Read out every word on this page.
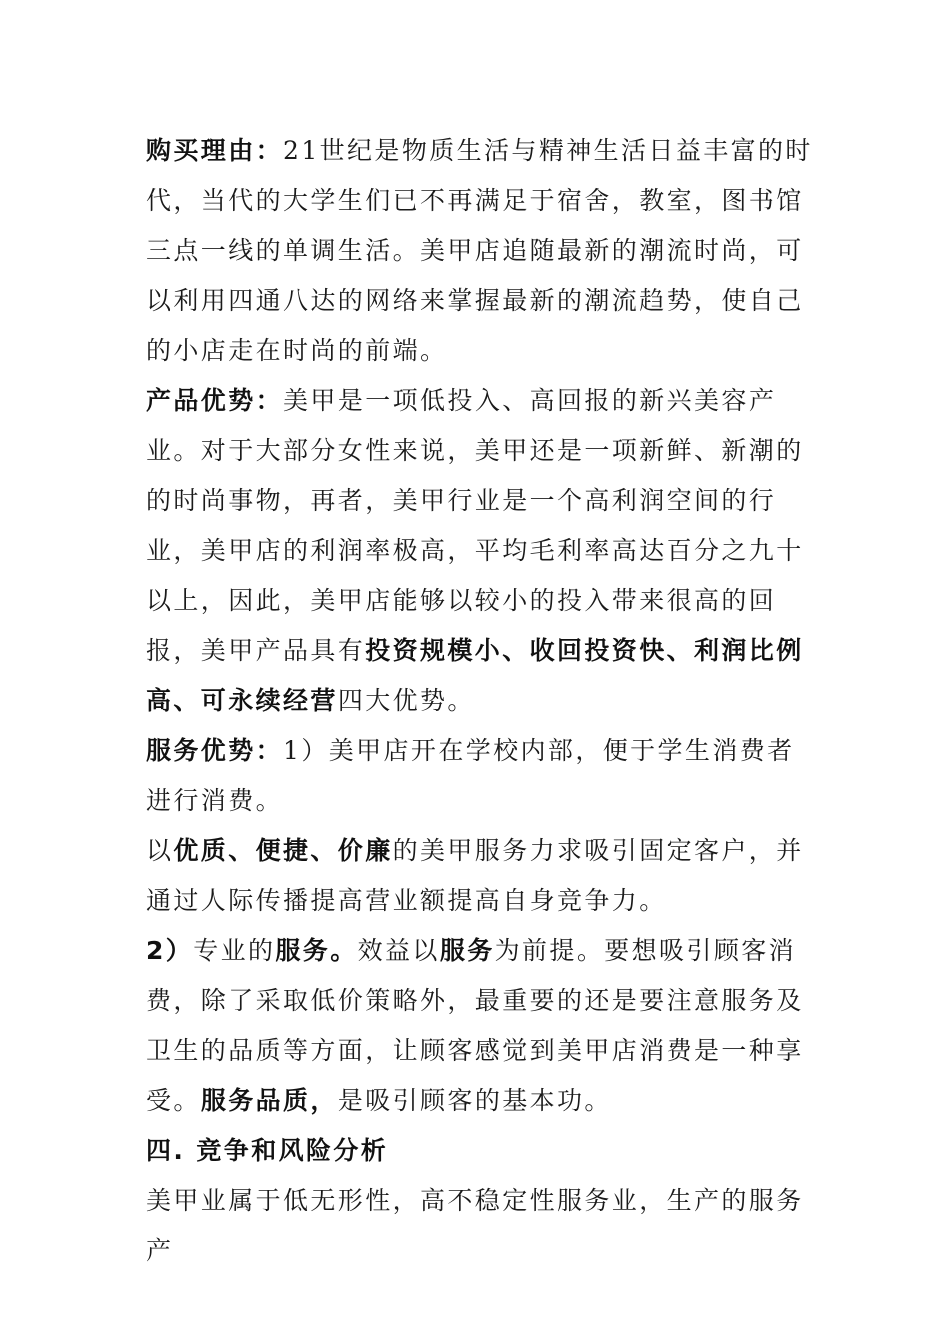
购买理由：21世纪是物质生活与精神生活日益丰富的时代，当代的大学生们已不再满足于宿舍，教室，图书馆三点一线的单调生活。美甲店追随最新的潮流时尚，可以利用四通八达的网络来掌握最新的潮流趋势，使自己的小店走在时尚的前端。

产品优势：美甲是一项低投入、高回报的新兴美容产业。对于大部分女性来说，美甲还是一项新鲜、新潮的的时尚事物，再者，美甲行业是一个高利润空间的行业，美甲店的利润率极高，平均毛利率高达百分之九十以上，因此，美甲店能够以较小的投入带来很高的回报，美甲产品具有投资规模小、收回投资快、利润比例高、可永续经营四大优势。

服务优势：1）美甲店开在学校内部，便于学生消费者进行消费。

以优质、便捷、价廉的美甲服务力求吸引固定客户，并通过人际传播提高营业额提高自身竞争力。

2）专业的服务。效益以服务为前提。要想吸引顾客消费，除了采取低价策略外，最重要的还是要注意服务及卫生的品质等方面，让顾客感觉到美甲店消费是一种享受。服务品质，是吸引顾客的基本功。

四. 竞争和风险分析

美甲业属于低无形性，高不稳定性服务业，生产的服务产
